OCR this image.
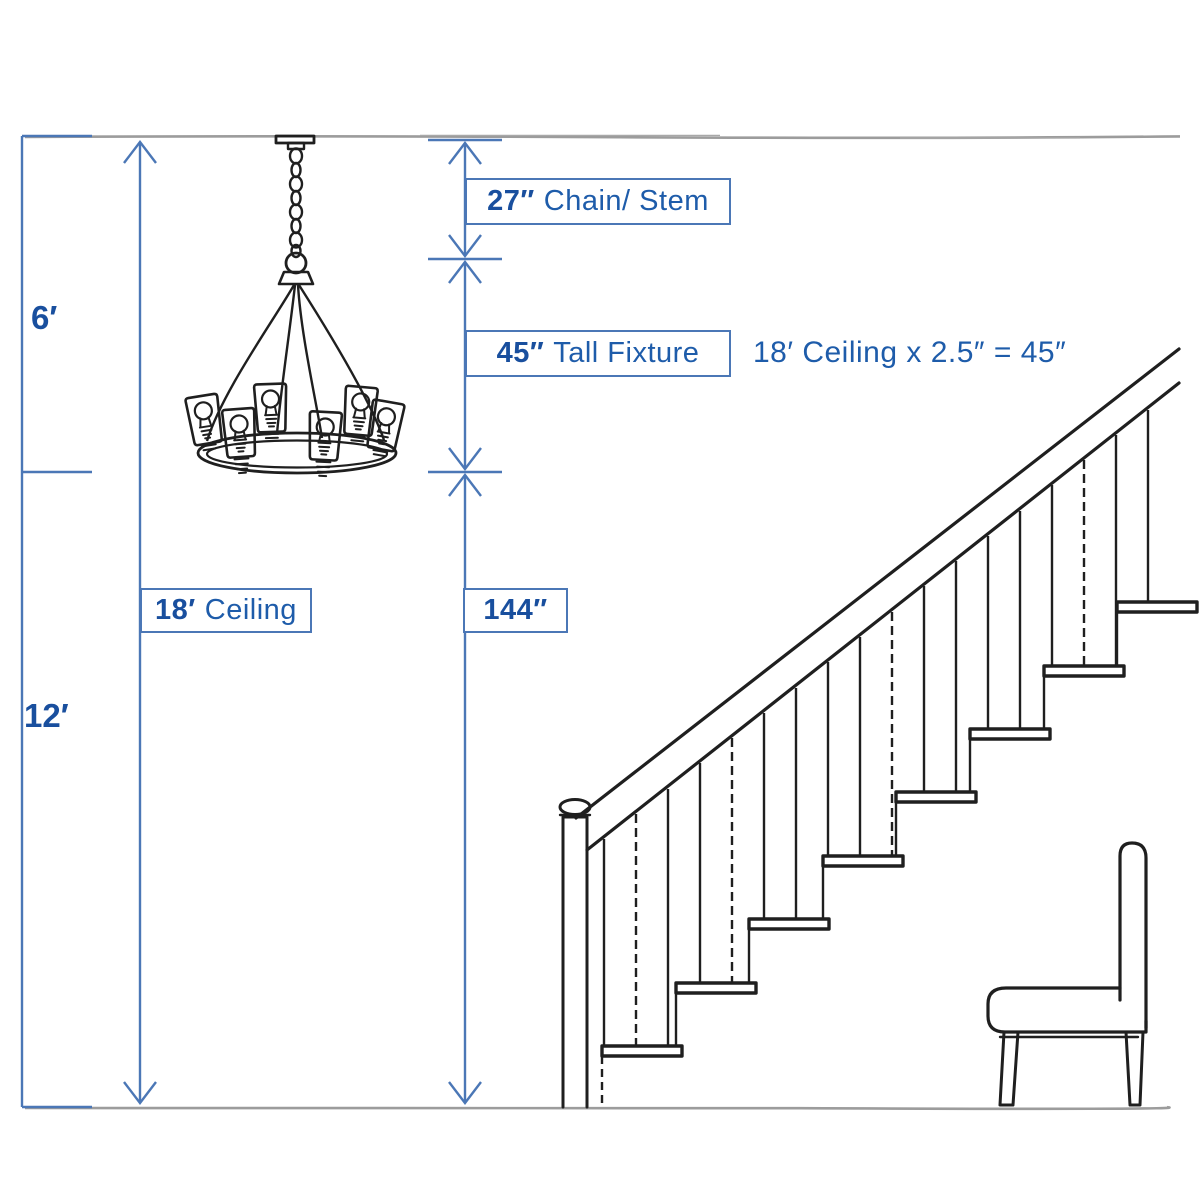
6′
12′
27″ Chain/ Stem
45″ Tall Fixture 18′ Ceiling x 2.5″ = 45″
18′ Ceiling	144″
